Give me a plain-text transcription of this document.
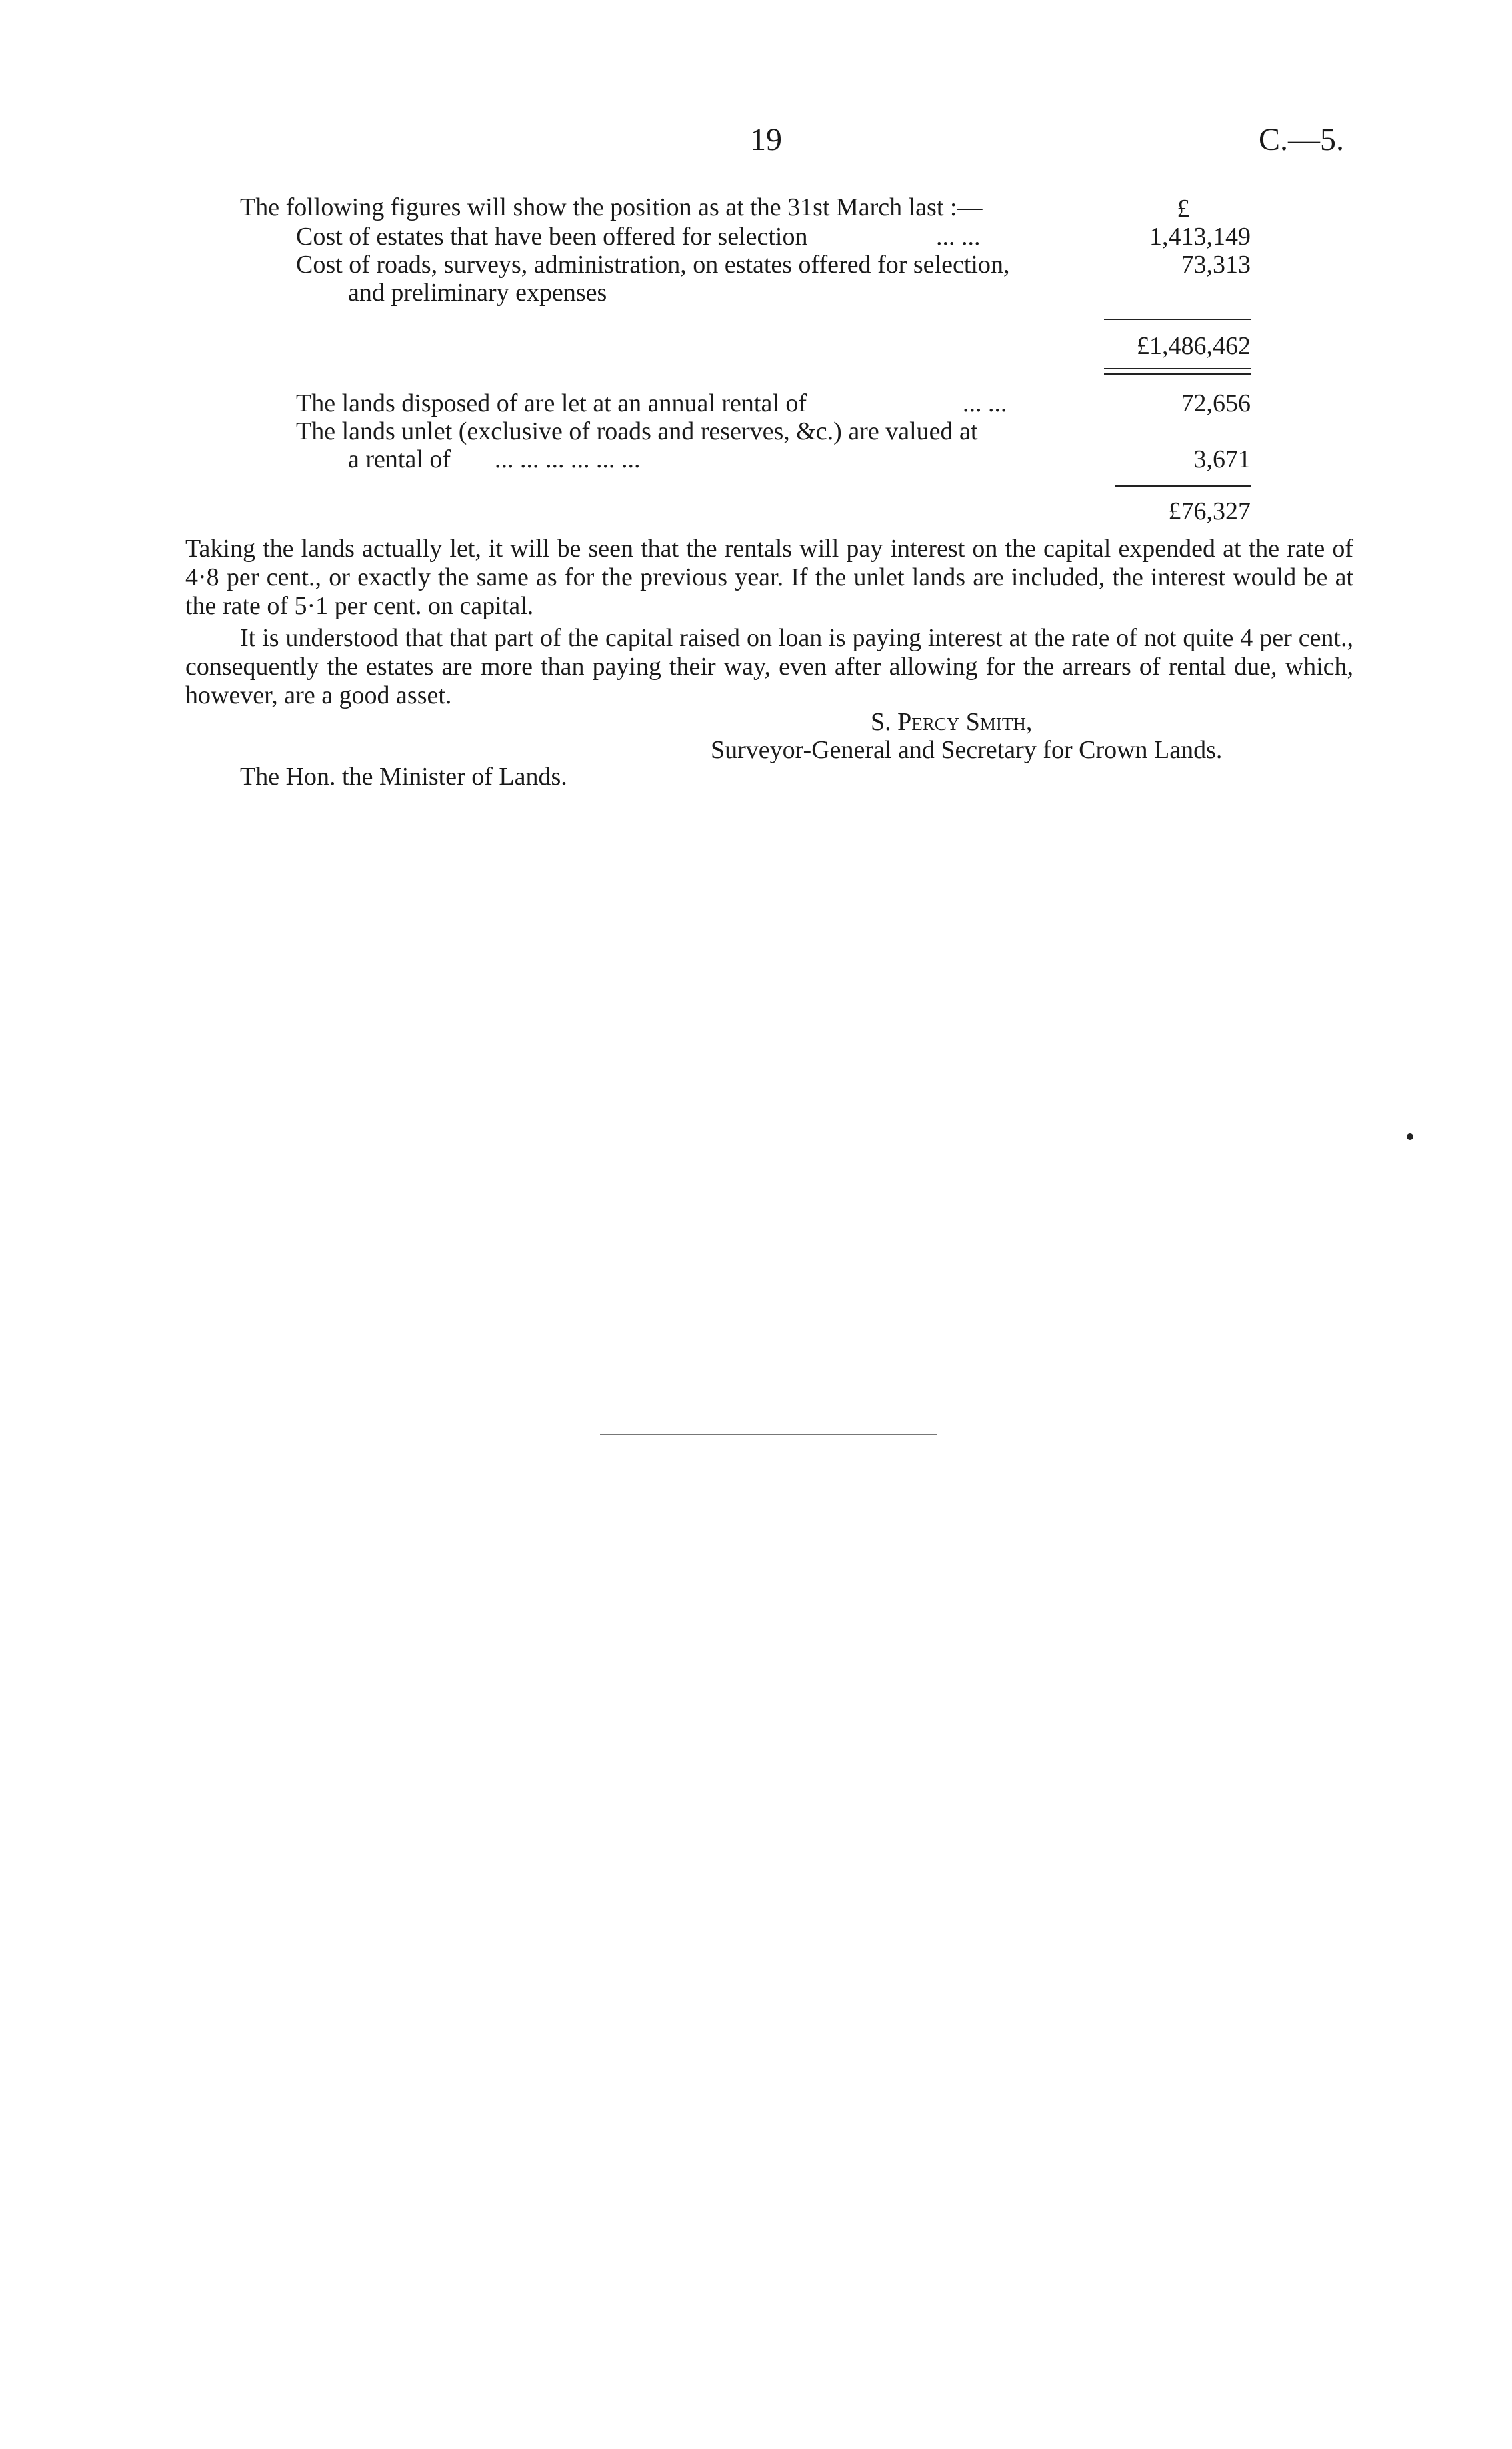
19	C.—5.
The following figures will show the position as at the 31st March last :—	£
Cost of estates that have been offered for selection	... ...	1,413,149
Cost of roads, surveys, administration, on estates offered for selection,
and preliminary expenses
73,313
£1,486,462
The lands disposed of are let at an annual rental of	... ...	72,656
The lands unlet (exclusive of roads and reserves, &c.) are valued at
a rental of ... ... ... ... ... ...	3,671
£76,327
Taking the lands actually let, it will be seen that the rentals will pay interest on the capital expended at the rate of 4·8 per cent., or exactly the same as for the previous year. If the unlet lands are included, the interest would be at the rate of 5·1 per cent. on capital.
It is understood that that part of the capital raised on loan is paying interest at the rate of not quite 4 per cent., consequently the estates are more than paying their way, even after allowing for the arrears of rental due, which, however, are a good asset.
S. Percy Smith,
Surveyor-General and Secretary for Crown Lands.
The Hon. the Minister of Lands.
